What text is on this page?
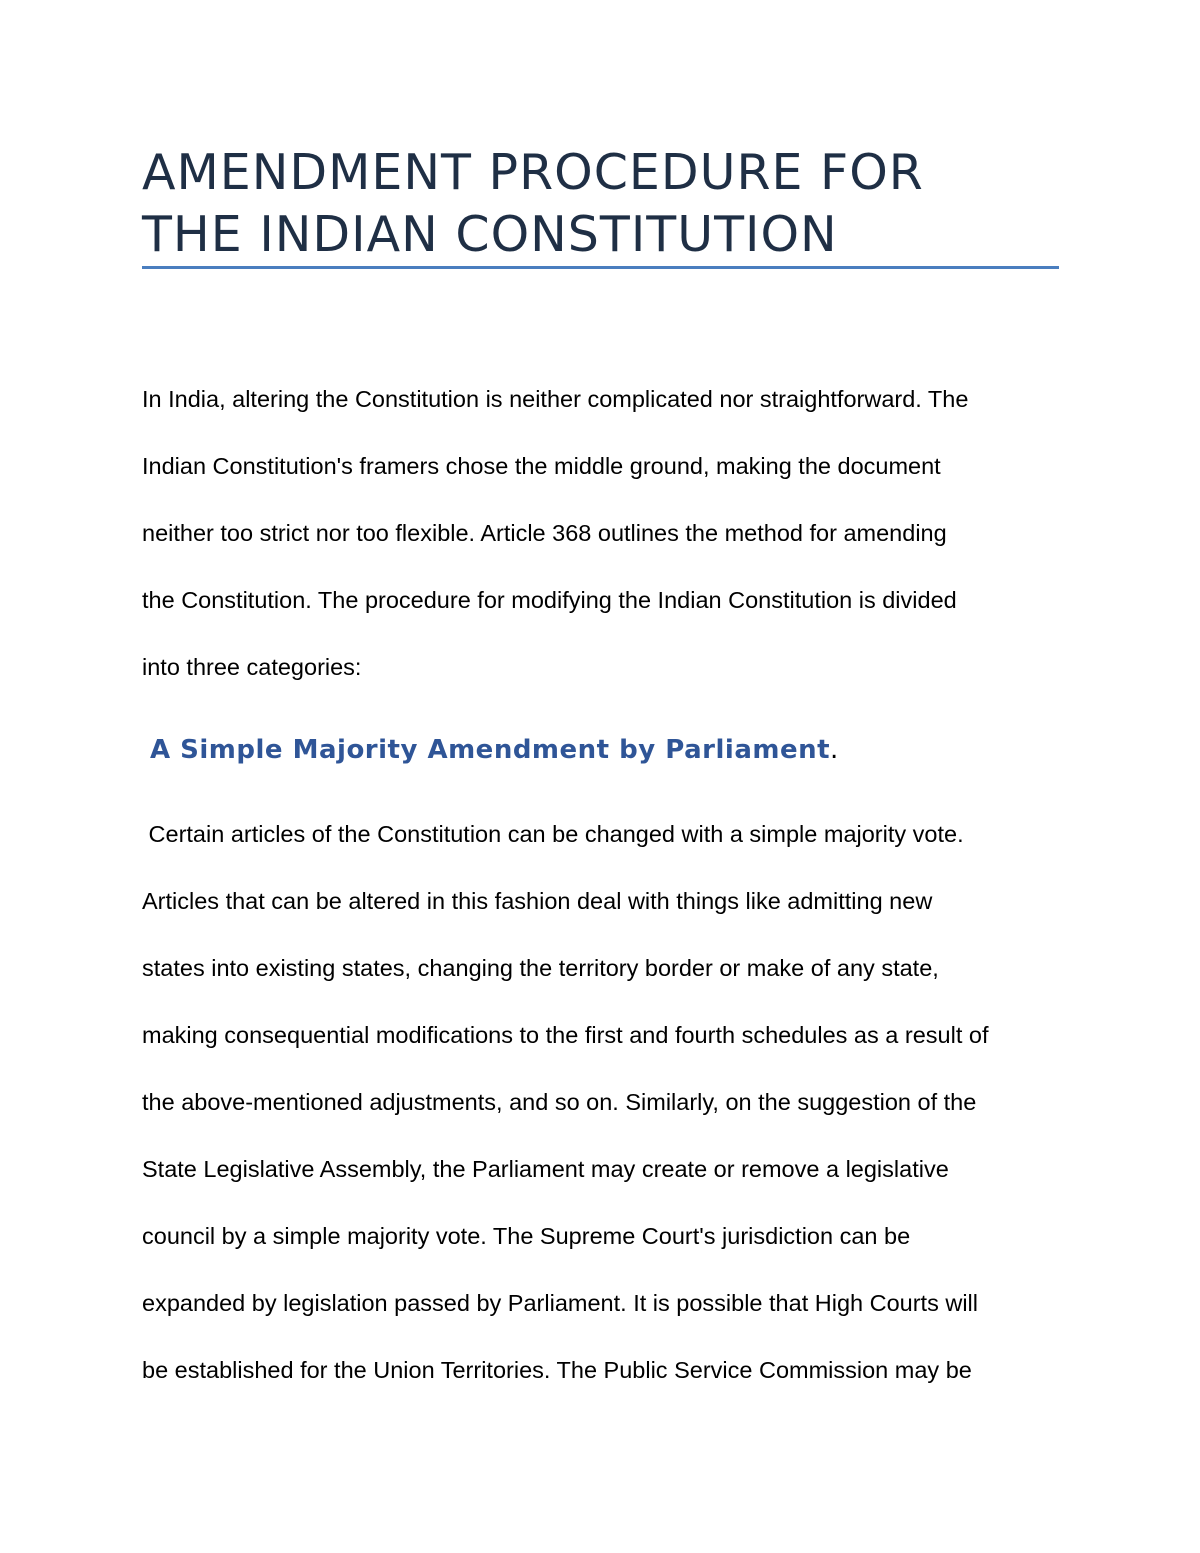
AMENDMENT PROCEDURE FOR
THE INDIAN CONSTITUTION
In India, altering the Constitution is neither complicated nor straightforward. The
Indian Constitution's framers chose the middle ground, making the document
neither too strict nor too flexible. Article 368 outlines the method for amending
the Constitution. The procedure for modifying the Indian Constitution is divided
into three categories:
A Simple Majority Amendment by Parliament.
Certain articles of the Constitution can be changed with a simple majority vote.
Articles that can be altered in this fashion deal with things like admitting new
states into existing states, changing the territory border or make of any state,
making consequential modifications to the first and fourth schedules as a result of
the above-mentioned adjustments, and so on. Similarly, on the suggestion of the
State Legislative Assembly, the Parliament may create or remove a legislative
council by a simple majority vote. The Supreme Court's jurisdiction can be
expanded by legislation passed by Parliament. It is possible that High Courts will
be established for the Union Territories. The Public Service Commission may be
